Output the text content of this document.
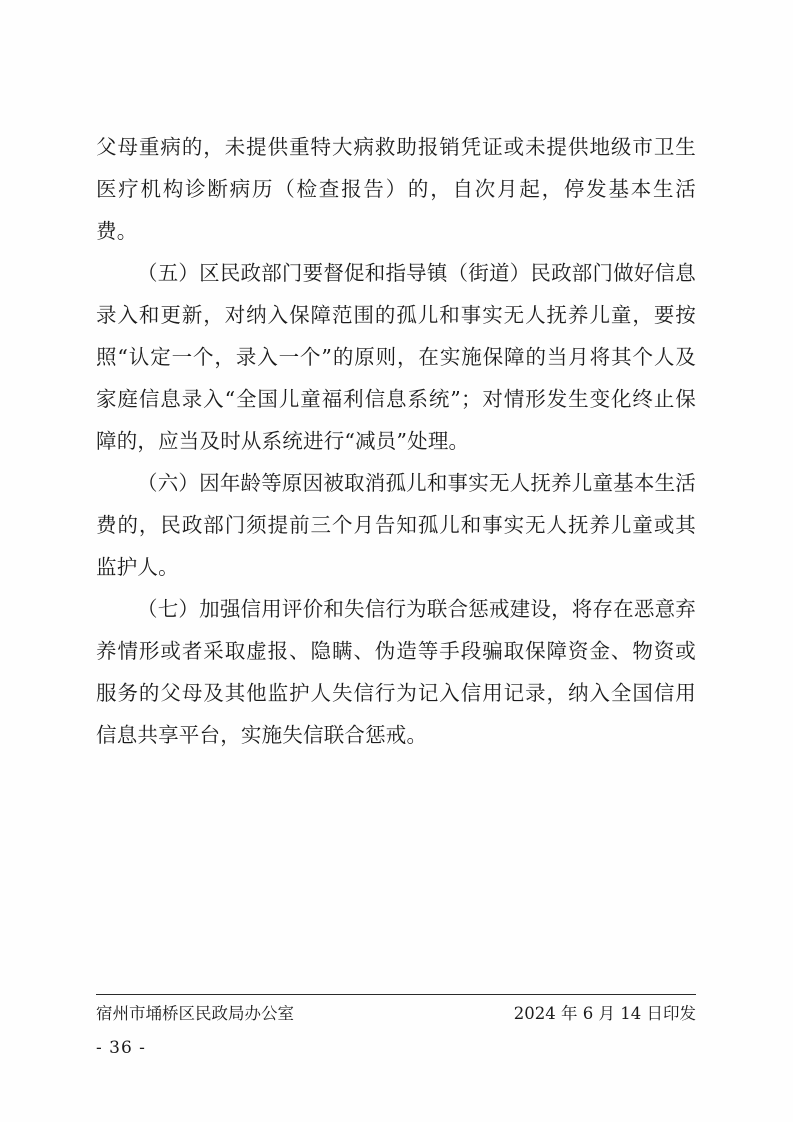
父母重病的，未提供重特大病救助报销凭证或未提供地级市卫生医疗机构诊断病历（检查报告）的，自次月起，停发基本生活费。

（五）区民政部门要督促和指导镇（街道）民政部门做好信息录入和更新，对纳入保障范围的孤儿和事实无人抚养儿童，要按照“认定一个，录入一个”的原则，在实施保障的当月将其个人及家庭信息录入“全国儿童福利信息系统”；对情形发生变化终止保障的，应当及时从系统进行“减员”处理。

（六）因年龄等原因被取消孤儿和事实无人抚养儿童基本生活费的，民政部门须提前三个月告知孤儿和事实无人抚养儿童或其监护人。

（七）加强信用评价和失信行为联合惩戒建设，将存在恶意弃养情形或者采取虚报、隐瞒、伪造等手段骗取保障资金、物资或服务的父母及其他监护人失信行为记入信用记录，纳入全国信用信息共享平台，实施失信联合惩戒。

宿州市埇桥区民政局办公室	2024 年 6 月 14 日印发
- 36 -
